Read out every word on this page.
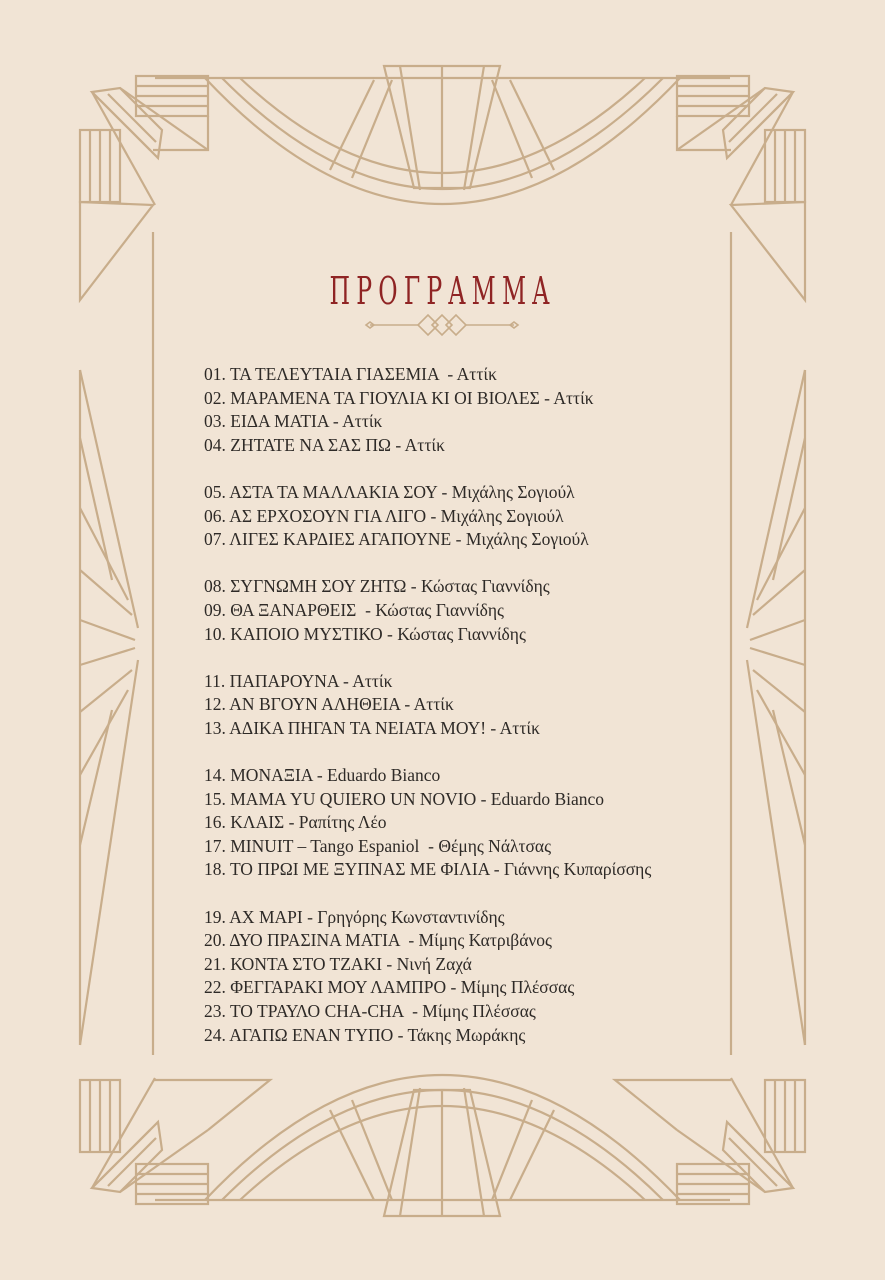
ΠΡΟΓΡΑΜΜΑ
01. ΤΑ ΤΕΛΕΥΤΑΙΑ ΓΙΑΣΕΜΙΑ  - Αττίκ
02. ΜΑΡΑΜΕΝΑ ΤΑ ΓΙΟΥΛΙΑ ΚΙ ΟΙ ΒΙΟΛΕΣ - Αττίκ
03. ΕΙΔΑ ΜΑΤΙΑ - Αττίκ
04. ΖΗΤΑΤΕ ΝΑ ΣΑΣ ΠΩ - Αττίκ
05. ΑΣΤΑ ΤΑ ΜΑΛΛΑΚΙΑ ΣΟΥ - Μιχάλης Σογιούλ
06. ΑΣ ΕΡΧΟΣΟΥΝ ΓΙΑ ΛΙΓΟ - Μιχάλης Σογιούλ
07. ΛΙΓΕΣ ΚΑΡΔΙΕΣ ΑΓΑΠΟΥΝΕ - Μιχάλης Σογιούλ
08. ΣΥΓΝΩΜΗ ΣΟΥ ΖΗΤΩ - Κώστας Γιαννίδης
09. ΘΑ ΞΑΝΑΡΘΕΙΣ  - Κώστας Γιαννίδης
10. ΚΑΠΟΙΟ ΜΥΣΤΙΚΟ - Κώστας Γιαννίδης
11. ΠΑΠΑΡΟΥΝΑ - Αττίκ
12. ΑΝ ΒΓΟΥΝ ΑΛΗΘΕΙΑ - Αττίκ
13. ΑΔΙΚΑ ΠΗΓΑΝ ΤΑ ΝΕΙΑΤΑ ΜΟΥ! - Αττίκ
14. ΜΟΝΑΞΙΑ - Eduardo Bianco
15. ΜΑΜΑ YU QUIERO UN NOVIO - Eduardo Bianco
16. ΚΛΑΙΣ - Ραπίτης Λέο
17. MINUIT – Tango Espaniol  - Θέμης Νάλτσας
18. ΤΟ ΠΡΩΙ ΜΕ ΞΥΠΝΑΣ ΜΕ ΦΙΛΙΑ - Γιάννης Κυπαρίσσης
19. ΑΧ ΜΑΡΙ - Γρηγόρης Κωνσταντινίδης
20. ΔΥΟ ΠΡΑΣΙΝΑ ΜΑΤΙΑ  - Μίμης Κατριβάνος
21. ΚΟΝΤΑ ΣΤΟ ΤΖΑΚΙ - Νινή Ζαχά
22. ΦΕΓΓΑΡΑΚΙ ΜΟΥ ΛΑΜΠΡΟ - Μίμης Πλέσσας
23. ΤΟ ΤΡΑΥΛΟ CHA-CHA  - Μίμης Πλέσσας
24. ΑΓΑΠΩ ΕΝΑΝ ΤΥΠΟ - Τάκης Μωράκης
